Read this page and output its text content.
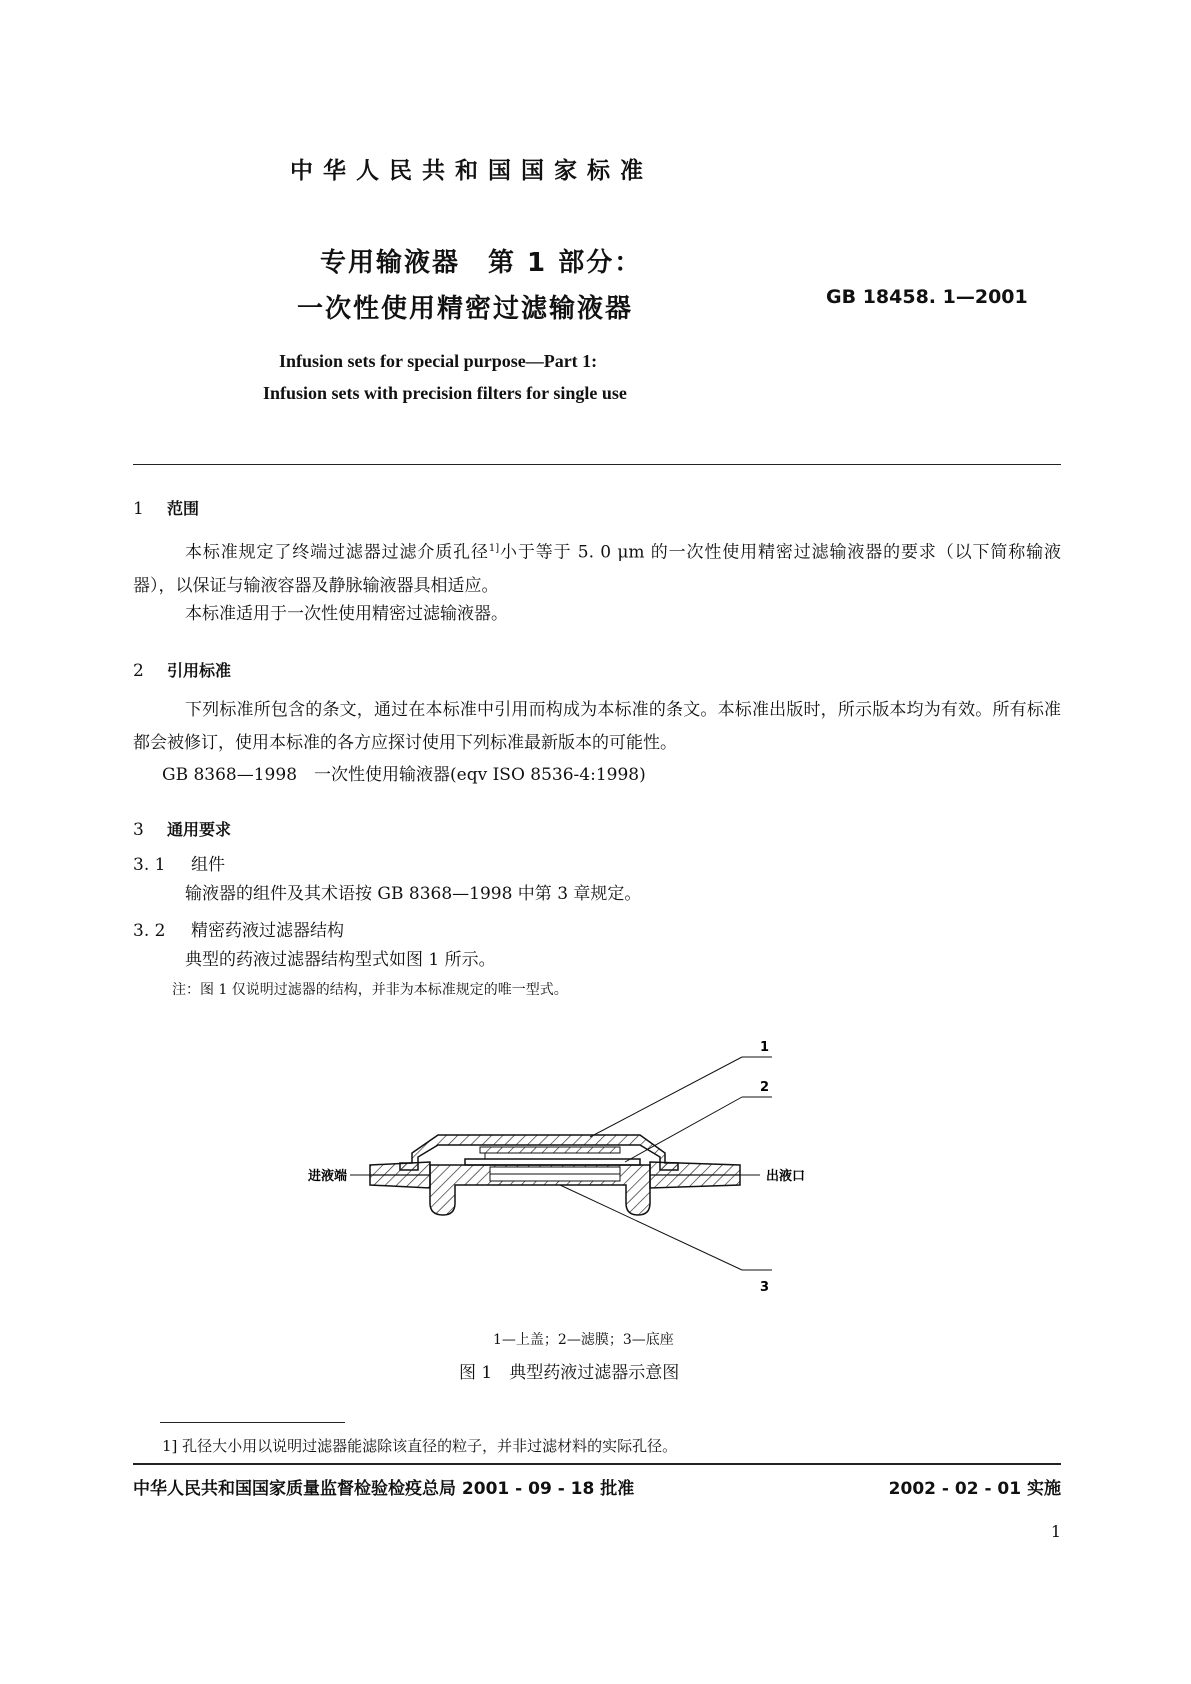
中华人民共和国国家标准
专用输液器　第 1 部分：
一次性使用精密过滤输液器	GB 18458. 1—2001
Infusion sets for special purpose—Part 1:
Infusion sets with precision filters for single use
1 范围
本标准规定了终端过滤器过滤介质孔径$^{1]}$小于等于 5. 0 μm 的一次性使用精密过滤输液器的要求（以下简称输液器），以保证与输液容器及静脉输液器具相适应。
本标准适用于一次性使用精密过滤输液器。
2 引用标准
下列标准所包含的条文，通过在本标准中引用而构成为本标准的条文。本标准出版时，所示版本均为有效。所有标准都会被修订，使用本标准的各方应探讨使用下列标准最新版本的可能性。
GB 8368—1998　一次性使用输液器(eqv ISO 8536-4:1998)
3 通用要求
3. 1 组件
输液器的组件及其术语按 GB 8368—1998 中第 3 章规定。
3. 2 精密药液过滤器结构
典型的药液过滤器结构型式如图 1 所示。
注：图 1 仅说明过滤器的结构，并非为本标准规定的唯一型式。
1
2
3
进液端	出液口
1—上盖；2—滤膜；3—底座
图 1　典型药液过滤器示意图
1] 孔径大小用以说明过滤器能滤除该直径的粒子，并非过滤材料的实际孔径。
中华人民共和国国家质量监督检验检疫总局 2001 - 09 - 18 批准	2002 - 02 - 01 实施
1
